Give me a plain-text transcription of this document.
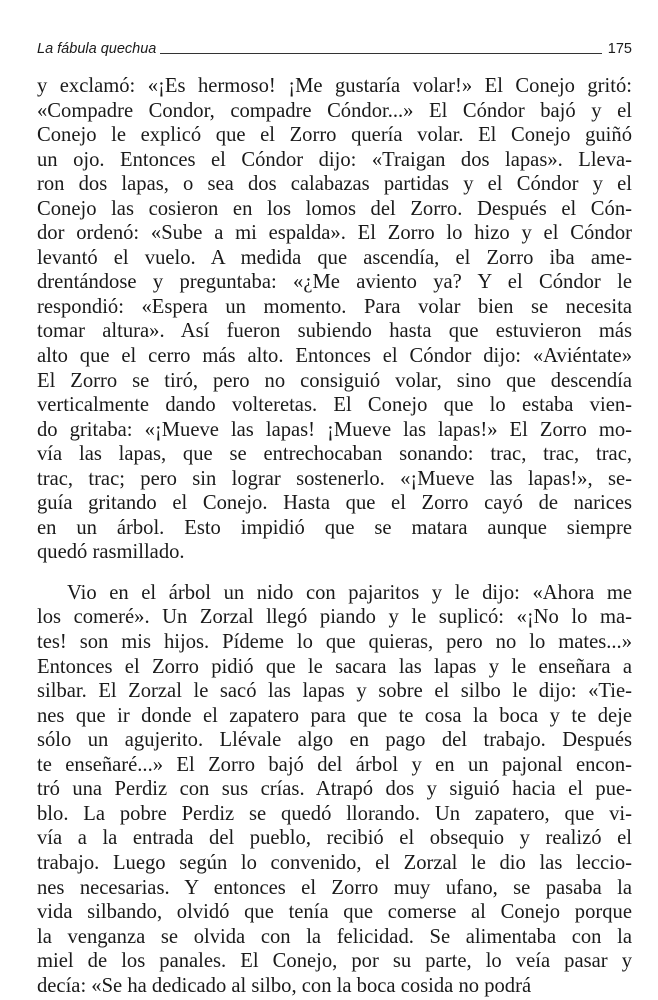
La fábula quechua	175
y exclamó: «¡Es hermoso! ¡Me gustaría volar!» El Conejo gritó:
«Compadre Condor, compadre Cóndor...» El Cóndor bajó y el
Conejo le explicó que el Zorro quería volar. El Conejo guiñó
un ojo. Entonces el Cóndor dijo: «Traigan dos lapas». Lleva-
ron dos lapas, o sea dos calabazas partidas y el Cóndor y el
Conejo las cosieron en los lomos del Zorro. Después el Cón-
dor ordenó: «Sube a mi espalda». El Zorro lo hizo y el Cóndor
levantó el vuelo. A medida que ascendía, el Zorro iba ame-
drentándose y preguntaba: «¿Me aviento ya? Y el Cóndor le
respondió: «Espera un momento. Para volar bien se necesita
tomar altura». Así fueron subiendo hasta que estuvieron más
alto que el cerro más alto. Entonces el Cóndor dijo: «Aviéntate»
El Zorro se tiró, pero no consiguió volar, sino que descendía
verticalmente dando volteretas. El Conejo que lo estaba vien-
do gritaba: «¡Mueve las lapas! ¡Mueve las lapas!» El Zorro mo-
vía las lapas, que se entrechocaban sonando: trac, trac, trac,
trac, trac; pero sin lograr sostenerlo. «¡Mueve las lapas!», se-
guía gritando el Conejo. Hasta que el Zorro cayó de narices
en un árbol. Esto impidió que se matara aunque siempre
quedó rasmillado.
Vio en el árbol un nido con pajaritos y le dijo: «Ahora me
los comeré». Un Zorzal llegó piando y le suplicó: «¡No lo ma-
tes! son mis hijos. Pídeme lo que quieras, pero no lo mates...»
Entonces el Zorro pidió que le sacara las lapas y le enseñara a
silbar. El Zorzal le sacó las lapas y sobre el silbo le dijo: «Tie-
nes que ir donde el zapatero para que te cosa la boca y te deje
sólo un agujerito. Llévale algo en pago del trabajo. Después
te enseñaré...» El Zorro bajó del árbol y en un pajonal encon-
tró una Perdiz con sus crías. Atrapó dos y siguió hacia el pue-
blo. La pobre Perdiz se quedó llorando. Un zapatero, que vi-
vía a la entrada del pueblo, recibió el obsequio y realizó el
trabajo. Luego según lo convenido, el Zorzal le dio las leccio-
nes necesarias. Y entonces el Zorro muy ufano, se pasaba la
vida silbando, olvidó que tenía que comerse al Conejo porque
la venganza se olvida con la felicidad. Se alimentaba con la
miel de los panales. El Conejo, por su parte, lo veía pasar y
decía: «Se ha dedicado al silbo, con la boca cosida no podrá
